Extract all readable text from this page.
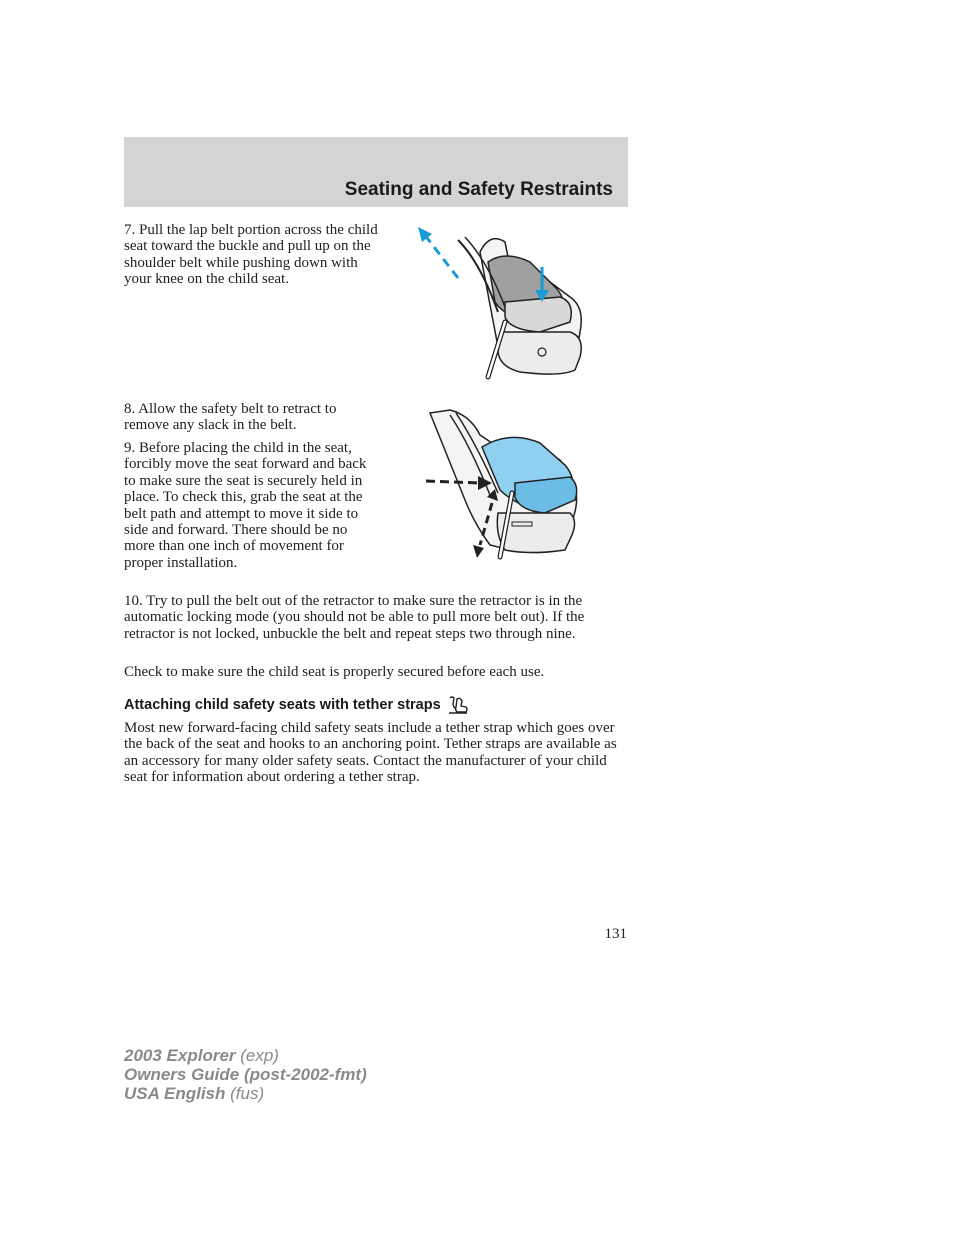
Seating and Safety Restraints

7. Pull the lap belt portion across the child seat toward the buckle and pull up on the shoulder belt while pushing down with your knee on the child seat.

8. Allow the safety belt to retract to remove any slack in the belt.

9. Before placing the child in the seat, forcibly move the seat forward and back to make sure the seat is securely held in place. To check this, grab the seat at the belt path and attempt to move it side to side and forward. There should be no more than one inch of movement for proper installation.

10. Try to pull the belt out of the retractor to make sure the retractor is in the automatic locking mode (you should not be able to pull more belt out). If the retractor is not locked, unbuckle the belt and repeat steps two through nine.

Check to make sure the child seat is properly secured before each use.

Attaching child safety seats with tether straps

Most new forward-facing child safety seats include a tether strap which goes over the back of the seat and hooks to an anchoring point. Tether straps are available as an accessory for many older safety seats. Contact the manufacturer of your child seat for information about ordering a tether strap.

131
2003 Explorer (exp)
Owners Guide (post-2002-fmt)
USA English (fus)
